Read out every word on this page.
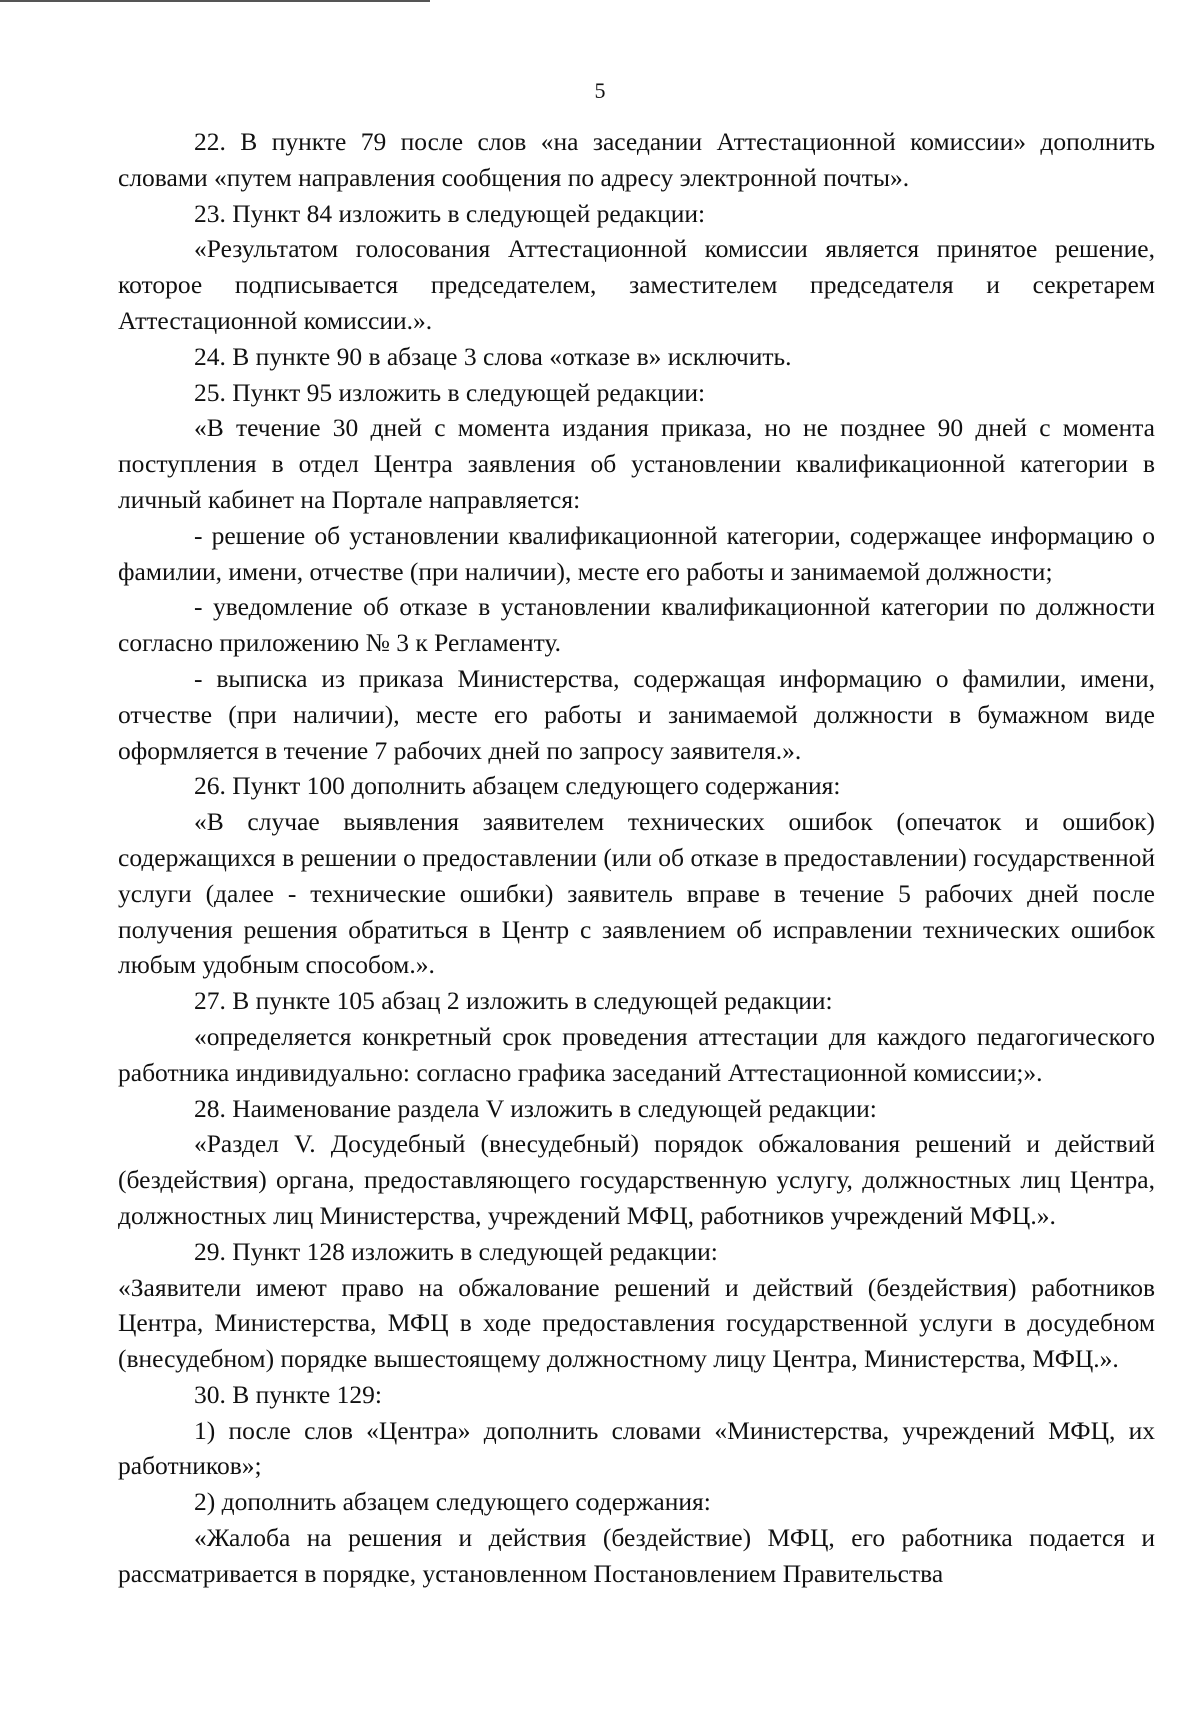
5

22. В пункте 79 после слов «на заседании Аттестационной комиссии» дополнить словами «путем направления сообщения по адресу электронной почты».

23. Пункт 84 изложить в следующей редакции:

«Результатом голосования Аттестационной комиссии является принятое решение, которое подписывается председателем, заместителем председателя и секретарем Аттестационной комиссии.».

24. В пункте 90 в абзаце 3 слова «отказе в» исключить.

25. Пункт 95 изложить в следующей редакции:

«В течение 30 дней с момента издания приказа, но не позднее 90 дней с момента поступления в отдел Центра заявления об установлении квалификационной категории в личный кабинет на Портале направляется:

- решение об установлении квалификационной категории, содержащее информацию о фамилии, имени, отчестве (при наличии), месте его работы и занимаемой должности;

- уведомление об отказе в установлении квалификационной категории по должности согласно приложению № 3 к Регламенту.

- выписка из приказа Министерства, содержащая информацию о фамилии, имени, отчестве (при наличии), месте его работы и занимаемой должности в бумажном виде оформляется в течение 7 рабочих дней по запросу заявителя.».

26. Пункт 100 дополнить абзацем следующего содержания:

«В случае выявления заявителем технических ошибок (опечаток и ошибок) содержащихся в решении о предоставлении (или об отказе в предоставлении) государственной услуги (далее - технические ошибки) заявитель вправе в течение 5 рабочих дней после получения решения обратиться в Центр с заявлением об исправлении технических ошибок любым удобным способом.».

27. В пункте 105 абзац 2 изложить в следующей редакции:

«определяется конкретный срок проведения аттестации для каждого педагогического работника индивидуально: согласно графика заседаний Аттестационной комиссии;».

28. Наименование раздела V изложить в следующей редакции:

«Раздел V. Досудебный (внесудебный) порядок обжалования решений и действий (бездействия) органа, предоставляющего государственную услугу, должностных лиц Центра, должностных лиц Министерства, учреждений МФЦ, работников учреждений МФЦ.».

29. Пункт 128 изложить в следующей редакции:

«Заявители имеют право на обжалование решений и действий (бездействия) работников Центра, Министерства, МФЦ в ходе предоставления государственной услуги в досудебном (внесудебном) порядке вышестоящему должностному лицу Центра, Министерства, МФЦ.».

30. В пункте 129:

1) после слов «Центра» дополнить словами «Министерства, учреждений МФЦ, их работников»;

2) дополнить абзацем следующего содержания:

«Жалоба на решения и действия (бездействие) МФЦ, его работника подается и рассматривается в порядке, установленном Постановлением Правительства
